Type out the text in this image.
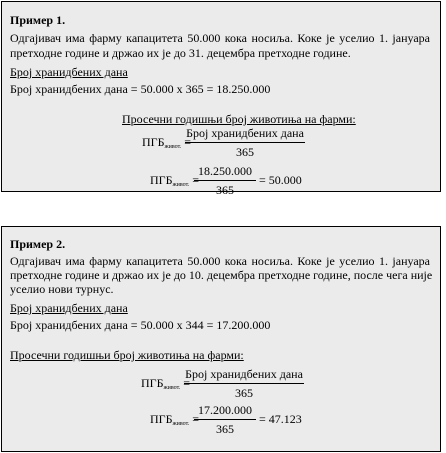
Пример 1.
Одгајивач има фарму капацитета 50.000 кока носиља. Коке је уселио 1. јануара
претходне године и држао их је до 31. децембра претходне године.
Број хранидбених дана
Број хранидбених дана = 50.000 x 365 = 18.250.000
Просечни годишњи број животиња на фарми:
$ПГБ_{живот.}$ =
Број хранидбених дана
365
$ПГБ_{живот.}$ =
18.250.000
365
= 50.000
Пример 2.
Одгајивач има фарму капацитета 50.000 кока носиља. Коке је уселио 1. јануара
претходне године и држао их је до 10. децембра претходне године, после чега није
уселио нови турнус.
Број хранидбених дана
Број хранидбених дана = 50.000 x 344 = 17.200.000
Просечни годишњи број животиња на фарми:
$ПГБ_{живот.}$ =
Број хранидбених дана
365
$ПГБ_{живот.}$ =
17.200.000
365
= 47.123
